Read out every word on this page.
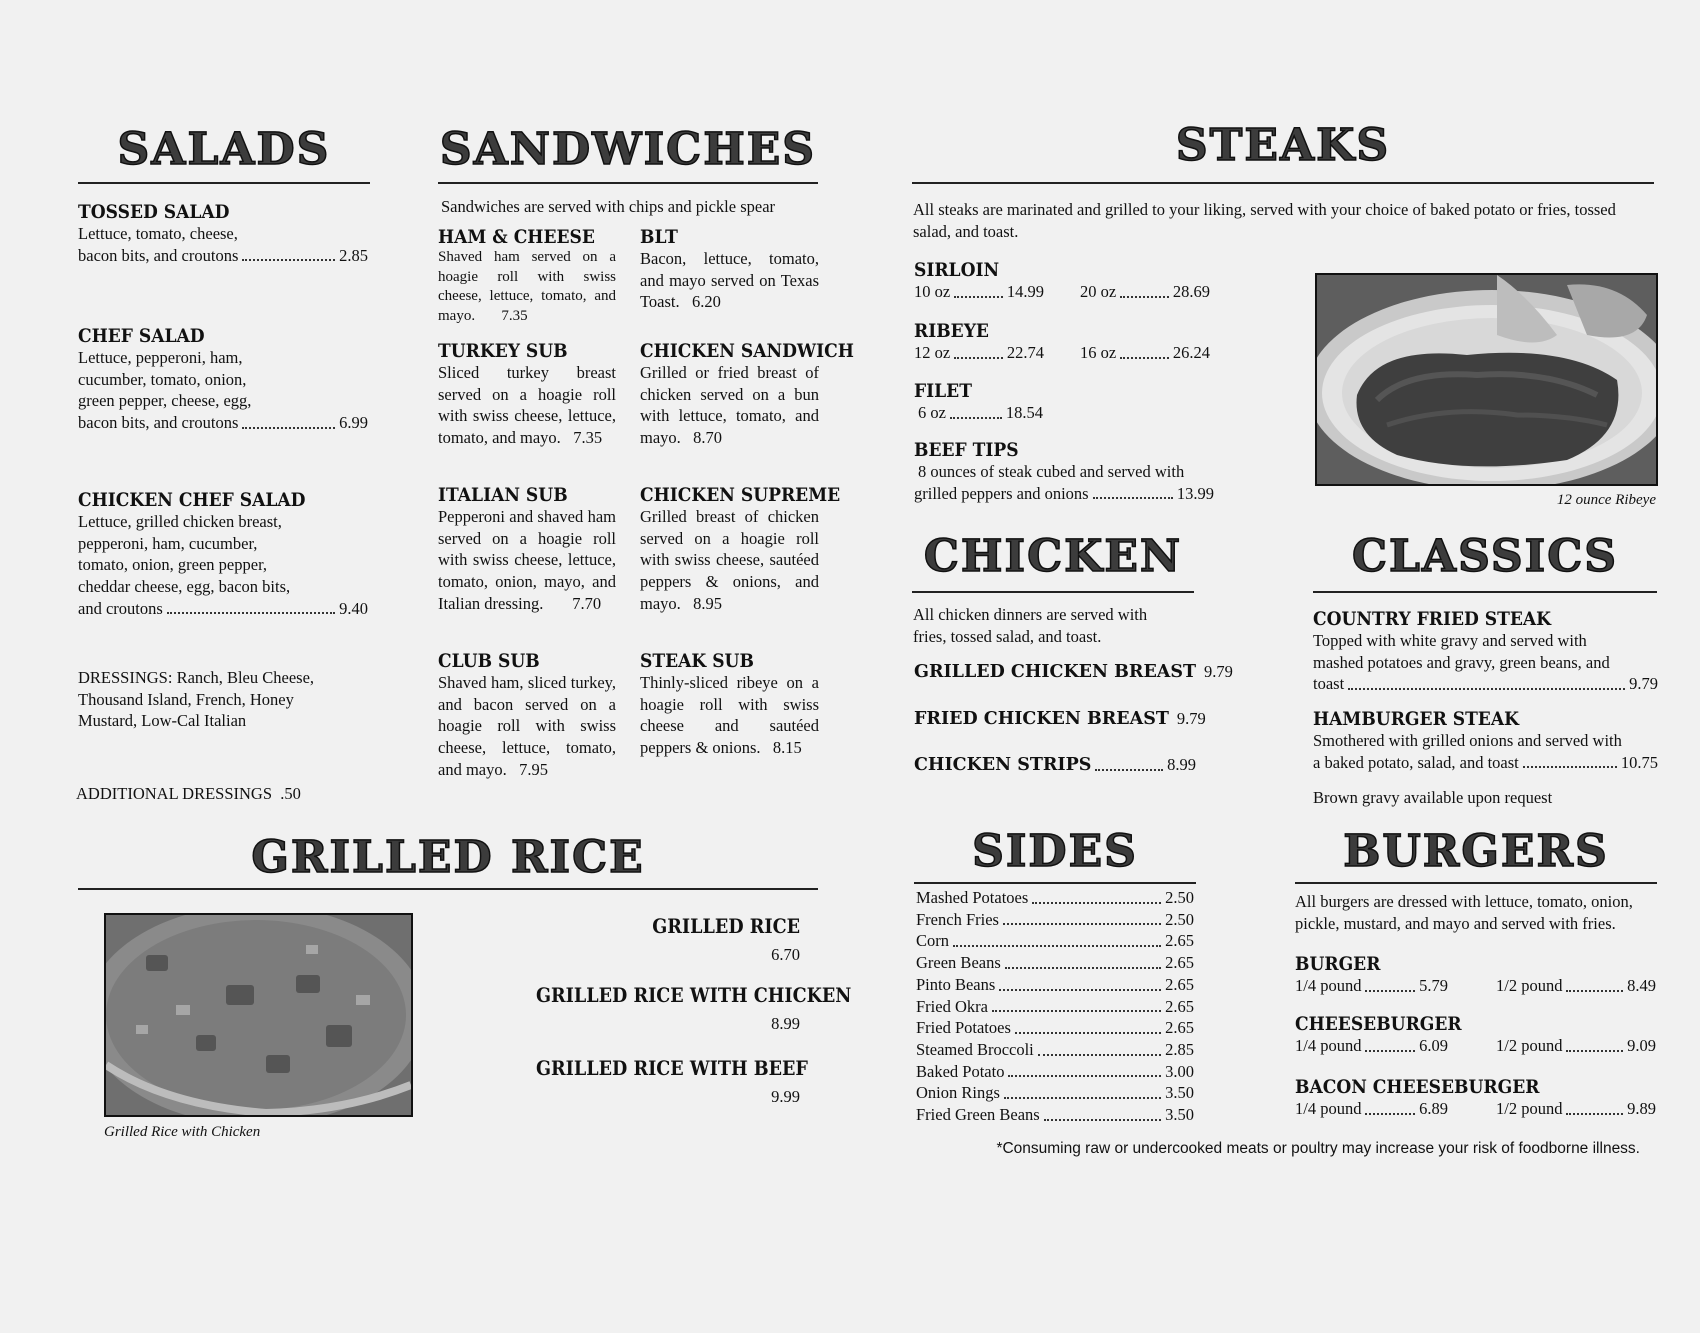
SALADS
TOSSED SALAD
Lettuce, tomato, cheese,
bacon bits, and croutons	2.85
CHEF SALAD
Lettuce, pepperoni, ham,
cucumber, tomato, onion,
green pepper, cheese, egg,
bacon bits, and croutons	6.99
CHICKEN CHEF SALAD
Lettuce, grilled chicken breast,
pepperoni, ham, cucumber,
tomato, onion, green pepper,
cheddar cheese, egg, bacon bits,
and croutons	9.40
DRESSINGS: Ranch, Bleu Cheese, Thousand Island, French, Honey Mustard, Low-Cal Italian
ADDITIONAL DRESSINGS .50
SANDWICHES
Sandwiches are served with chips and pickle spear
HAM & CHEESE
Shaved ham served on a hoagie roll with swiss cheese, lettuce, tomato, and mayo. 7.35
BLT
Bacon, lettuce, tomato, and mayo served on Texas Toast. 6.20
TURKEY SUB
Sliced turkey breast served on a hoagie roll with swiss cheese, lettuce, tomato, and mayo. 7.35
CHICKEN SANDWICH
Grilled or fried breast of chicken served on a bun with lettuce, tomato, and mayo. 8.70
ITALIAN SUB
Pepperoni and shaved ham served on a hoagie roll with swiss cheese, lettuce, tomato, onion, mayo, and Italian dressing. 7.70
CHICKEN SUPREME
Grilled breast of chicken served on a hoagie roll with swiss cheese, sautéed peppers & onions, and mayo. 8.95
CLUB SUB
Shaved ham, sliced turkey, and bacon served on a hoagie roll with swiss cheese, lettuce, tomato, and mayo. 7.95
STEAK SUB
Thinly-sliced ribeye on a hoagie roll with swiss cheese and sautéed peppers & onions. 8.15
STEAKS
All steaks are marinated and grilled to your liking, served with your choice of baked potato or fries, tossed salad, and toast.
SIRLOIN
10 oz	14.99 20 oz	28.69
RIBEYE
12 oz	22.74 16 oz	26.24
FILET
6 oz	18.54
BEEF TIPS
8 ounces of steak cubed and served with
grilled peppers and onions	13.99	12 ounce Ribeye
CHICKEN
All chicken dinners are served with fries, tossed salad, and toast.
GRILLED CHICKEN BREAST 9.79
FRIED CHICKEN BREAST 9.79
CHICKEN STRIPS	8.99
CLASSICS
COUNTRY FRIED STEAK
Topped with white gravy and served with
mashed potatoes and gravy, green beans, and
toast	9.79
HAMBURGER STEAK
Smothered with grilled onions and served with
a baked potato, salad, and toast	10.75
Brown gravy available upon request
GRILLED RICE
Grilled Rice with Chicken
GRILLED RICE
6.70
GRILLED RICE WITH CHICKEN
8.99
GRILLED RICE WITH BEEF
9.99
SIDES
Mashed Potatoes	2.50
French Fries	2.50
Corn	2.65
Green Beans	2.65
Pinto Beans	2.65
Fried Okra	2.65
Fried Potatoes	2.65
Steamed Broccoli	2.85
Baked Potato	3.00
Onion Rings	3.50
Fried Green Beans	3.50
BURGERS
All burgers are dressed with lettuce, tomato, onion, pickle, mustard, and mayo and served with fries.
BURGER
1/4 pound	5.79	1/2 pound	8.49
CHEESEBURGER
1/4 pound	6.09	1/2 pound	9.09
BACON CHEESEBURGER
1/4 pound	6.89	1/2 pound	9.89
*Consuming raw or undercooked meats or poultry may increase your risk of foodborne illness.
